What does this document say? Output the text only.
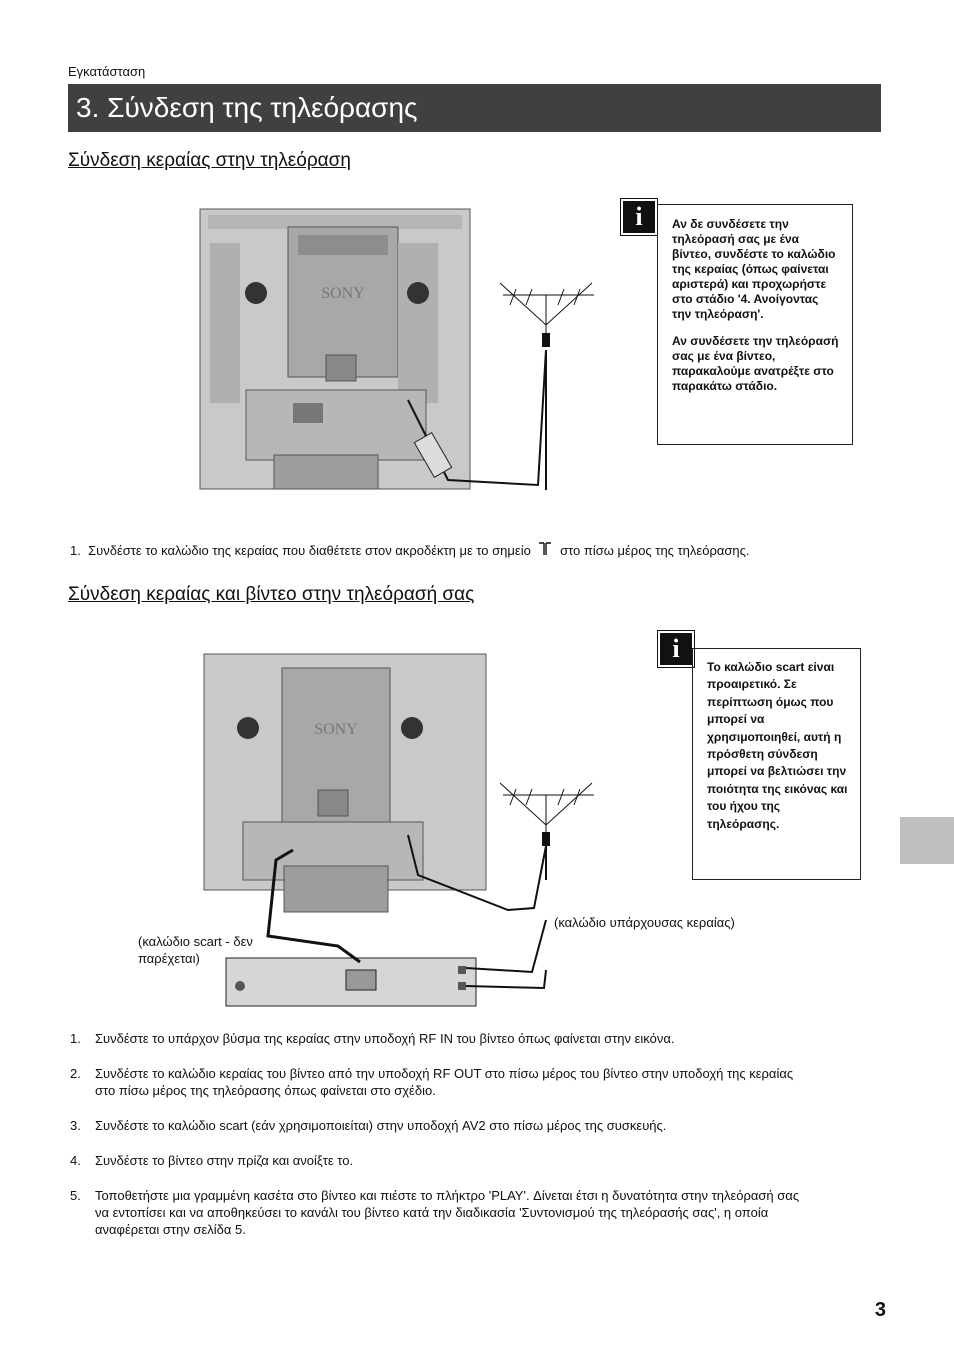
Εγκατάσταση
3. Σύνδεση της τηλεόρασης
Σύνδεση κεραίας στην τηλεόραση
SONY
i	Αν δε συνδέσετε την τηλεόρασή σας με ένα βίντεο, συνδέστε το καλώδιο της κεραίας (όπως φαίνεται αριστερά) και προχωρήστε στο στάδιο '4. Ανοίγοντας την τηλεόραση'.

Αν συνδέσετε την τηλεόρασή σας με ένα βίντεο, παρακαλούμε ανατρέξτε στο παρακάτω στάδιο.

1. Συνδέστε το καλώδιο της κεραίας που διαθέτετε στον ακροδέκτη με το σημείο στο πίσω μέρος της τηλεόρασης.
Σύνδεση κεραίας και βίντεο στην τηλεόρασή σας
SONY
(καλώδιο scart - δεν παρέχεται)
(καλώδιο υπάρχουσας κεραίας)
i

Το καλώδιο scart είναι προαιρετικό. Σε περίπτωση όμως που μπορεί να χρησιμοποιηθεί, αυτή η πρόσθετη σύνδεση μπορεί να βελτιώσει την ποιότητα της εικόνας και του ήχου της τηλεόρασης.

1. Συνδέστε το υπάρχον βύσμα της κεραίας στην υποδοχή RF IN του βίντεο όπως φαίνεται στην εικόνα.
2. Συνδέστε το καλώδιο κεραίας του βίντεο από την υποδοχή RF OUT στο πίσω μέρος του βίντεο στην υποδοχή της κεραίας στο πίσω μέρος της τηλεόρασης όπως φαίνεται στο σχέδιο.
3. Συνδέστε το καλώδιο scart (εάν χρησιμοποιείται) στην υποδοχή AV2 στο πίσω μέρος της συσκευής.
4. Συνδέστε το βίντεο στην πρίζα και ανοίξτε το.
5. Τοποθετήστε μια γραμμένη κασέτα στο βίντεο και πιέστε το πλήκτρο 'PLAY'. Δίνεται έτσι η δυνατότητα στην τηλεόρασή σας να εντοπίσει και να αποθηκεύσει το κανάλι του βίντεο κατά την διαδικασία 'Συντονισμού της τηλεόρασής σας', η οποία αναφέρεται στην σελίδα 5.
3
